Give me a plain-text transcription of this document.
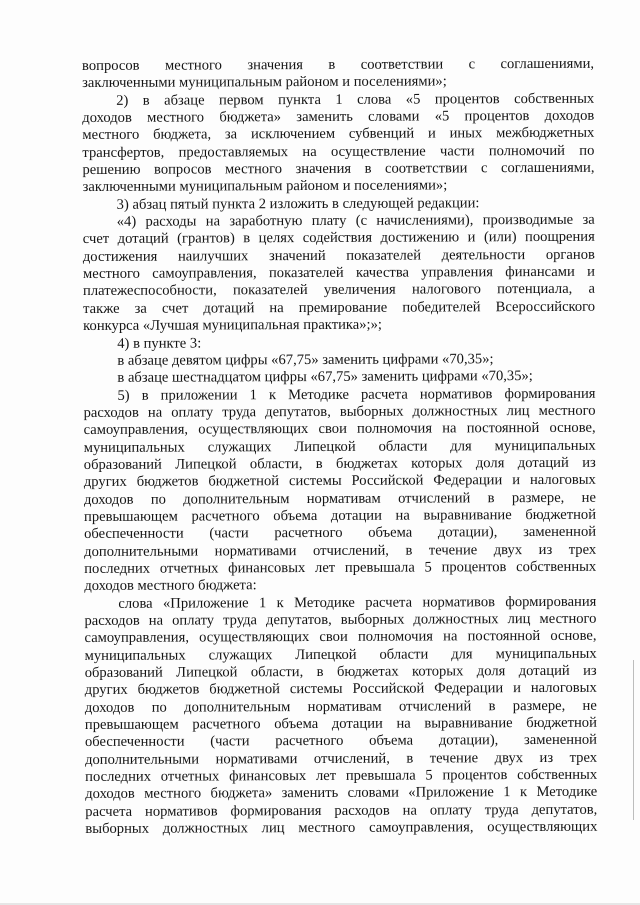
вопросов местного значения в соответствии с соглашениями,
заключенными муниципальным районом и поселениями»;
2) в абзаце первом пункта 1 слова «5 процентов собственных
доходов местного бюджета» заменить словами «5 процентов доходов
местного бюджета, за исключением субвенций и иных межбюджетных
трансфертов, предоставляемых на осуществление части полномочий по
решению вопросов местного значения в соответствии с соглашениями,
заключенными муниципальным районом и поселениями»;
3) абзац пятый пункта 2 изложить в следующей редакции:
«4) расходы на заработную плату (с начислениями), производимые за
счет дотаций (грантов) в целях содействия достижению и (или) поощрения
достижения наилучших значений показателей деятельности органов
местного самоуправления, показателей качества управления финансами и
платежеспособности, показателей увеличения налогового потенциала, а
также за счет дотаций на премирование победителей Всероссийского
конкурса «Лучшая муниципальная практика»;»;
4) в пункте 3:
в абзаце девятом цифры «67,75» заменить цифрами «70,35»;
в абзаце шестнадцатом цифры «67,75» заменить цифрами «70,35»;
5) в приложении 1 к Методике расчета нормативов формирования
расходов на оплату труда депутатов, выборных должностных лиц местного
самоуправления, осуществляющих свои полномочия на постоянной основе,
муниципальных служащих Липецкой области для муниципальных
образований Липецкой области, в бюджетах которых доля дотаций из
других бюджетов бюджетной системы Российской Федерации и налоговых
доходов по дополнительным нормативам отчислений в размере, не
превышающем расчетного объема дотации на выравнивание бюджетной
обеспеченности (части расчетного объема дотации), замененной
дополнительными нормативами отчислений, в течение двух из трех
последних отчетных финансовых лет превышала 5 процентов собственных
доходов местного бюджета:
слова «Приложение 1 к Методике расчета нормативов формирования
расходов на оплату труда депутатов, выборных должностных лиц местного
самоуправления, осуществляющих свои полномочия на постоянной основе,
муниципальных служащих Липецкой области для муниципальных
образований Липецкой области, в бюджетах которых доля дотаций из
других бюджетов бюджетной системы Российской Федерации и налоговых
доходов по дополнительным нормативам отчислений в размере, не
превышающем расчетного объема дотации на выравнивание бюджетной
обеспеченности (части расчетного объема дотации), замененной
дополнительными нормативами отчислений, в течение двух из трех
последних отчетных финансовых лет превышала 5 процентов собственных
доходов местного бюджета» заменить словами «Приложение 1 к Методике
расчета нормативов формирования расходов на оплату труда депутатов,
выборных должностных лиц местного самоуправления, осуществляющих
